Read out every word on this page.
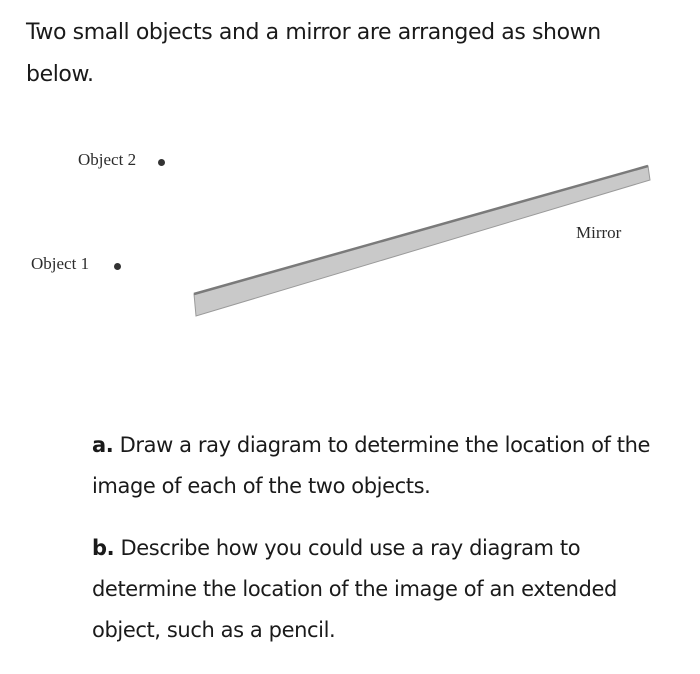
Two small objects and a mirror are arranged as shown below.

Object 2
Object 1
Mirror

a. Draw a ray diagram to determine the location of the image of each of the two objects.

b. Describe how you could use a ray diagram to determine the location of the image of an extended object, such as a pencil.
